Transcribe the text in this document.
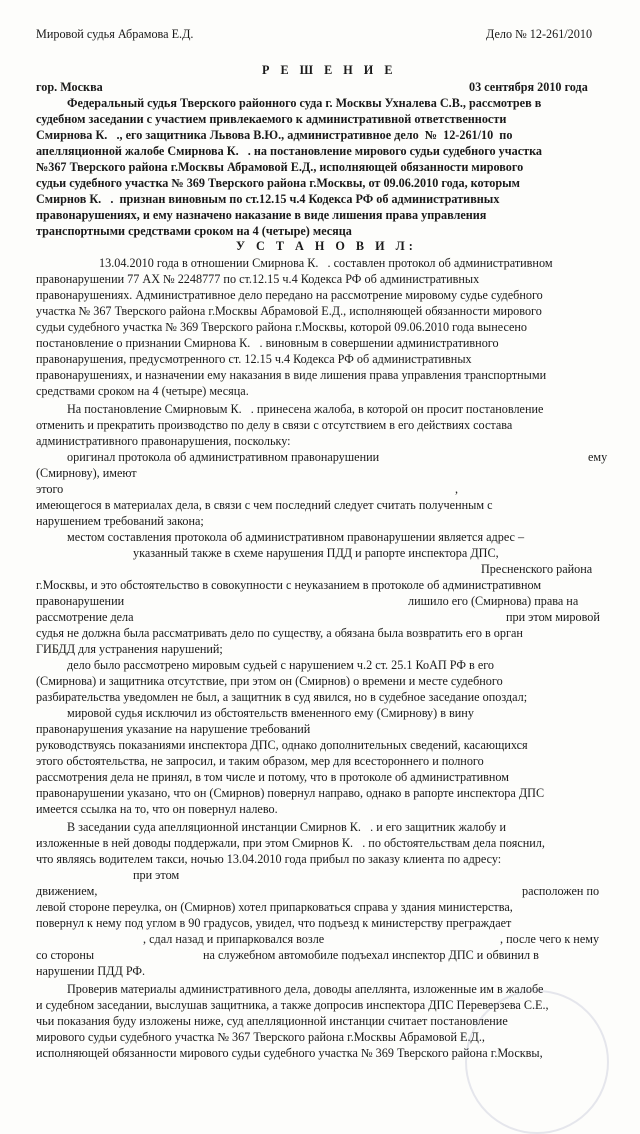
Мировой судья Абрамова Е.Д.	Дело № 12-261/2010
Р Е Ш Е Н И Е
гор. Москва	03 сентября 2010 года
Федеральный судья Тверского районного суда г. Москвы Ухналева С.В., рассмотрев в
судебном заседании с участием привлекаемого к административной ответственности
Смирнова К.   ., его защитника Львова В.Ю., административное дело  №  12-261/10  по
апелляционной жалобе Смирнова К.   . на постановление мирового судьи судебного участка
№367 Тверского района г.Москвы Абрамовой Е.Д., исполняющей обязанности мирового
судьи судебного участка № 369 Тверского района г.Москвы, от 09.06.2010 года, которым
Смирнов К.   .  признан виновным по ст.12.15 ч.4 Кодекса РФ об административных
правонарушениях, и ему назначено наказание в виде лишения права управления
транспортными средствами сроком на 4 (четыре) месяца
У С Т А Н О В И Л:
13.04.2010 года в отношении Смирнова К.   . составлен протокол об административном
правонарушении 77 АХ № 2248777 по ст.12.15 ч.4 Кодекса РФ об административных
правонарушениях. Административное дело передано на рассмотрение мировому судье судебного
участка № 367 Тверского района г.Москвы Абрамовой Е.Д., исполняющей обязанности мирового
судьи судебного участка № 369 Тверского района г.Москвы, которой 09.06.2010 года вынесено
постановление о признании Смирнова К.   . виновным в совершении административного
правонарушения, предусмотренного ст. 12.15 ч.4 Кодекса РФ об административных
правонарушениях, и назначении ему наказания в виде лишения права управления транспортными
средствами сроком на 4 (четыре) месяца.
На постановление Смирновым К.   . принесена жалоба, в которой он просит постановление
отменить и прекратить производство по делу в связи с отсутствием в его действиях состава
административного правонарушения, поскольку:
оригинал протокола об административном правонарушении	ему
(Смирнову), имеют
этого	,
имеющегося в материалах дела, в связи с чем последний следует считать полученным с
нарушением требований закона;
местом составления протокола об административном правонарушении является адрес –
указанный также в схеме нарушения ПДД и рапорте инспектора ДПС,
Пресненского района
г.Москвы, и это обстоятельство в совокупности с неуказанием в протоколе об административном
правонарушении	лишило его (Смирнова) права на
рассмотрение дела	при этом мировой
судья не должна была рассматривать дело по существу, а обязана была возвратить его в орган
ГИБДД для устранения нарушений;
дело было рассмотрено мировым судьей с нарушением ч.2 ст. 25.1 КоАП РФ в его
(Смирнова) и защитника отсутствие, при этом он (Смирнов) о времени и месте судебного
разбирательства уведомлен не был, а защитник в суд явился, но в судебное заседание опоздал;
мировой судья исключил из обстоятельств вмененного ему (Смирнову) в вину
правонарушения указание на нарушение требований
руководствуясь показаниями инспектора ДПС, однако дополнительных сведений, касающихся
этого обстоятельства, не запросил, и таким образом, мер для всестороннего и полного
рассмотрения дела не принял, в том числе и потому, что в протоколе об административном
правонарушении указано, что он (Смирнов) повернул направо, однако в рапорте инспектора ДПС
имеется ссылка на то, что он повернул налево.
В заседании суда апелляционной инстанции Смирнов К.   . и его защитник жалобу и
изложенные в ней доводы поддержали, при этом Смирнов К.   . по обстоятельствам дела пояснил,
что являясь водителем такси, ночью 13.04.2010 года прибыл по заказу клиента по адресу:
при этом
движением,	расположен по
левой стороне переулка, он (Смирнов) хотел припарковаться справа у здания министерства,
повернул к нему под углом в 90 градусов, увидел, что подъезд к министерству преграждает
, сдал назад и припарковался возле	, после чего к нему
со стороны	на служебном автомобиле подъехал инспектор ДПС и обвинил в
нарушении ПДД РФ.
Проверив материалы административного дела, доводы апеллянта, изложенные им в жалобе
и судебном заседании, выслушав защитника, а также допросив инспектора ДПС Переверзева С.Е.,
чьи показания буду изложены ниже, суд апелляционной инстанции считает постановление
мирового судьи судебного участка № 367 Тверского района г.Москвы Абрамовой Е.Д.,
исполняющей обязанности мирового судьи судебного участка № 369 Тверского района г.Москвы,
